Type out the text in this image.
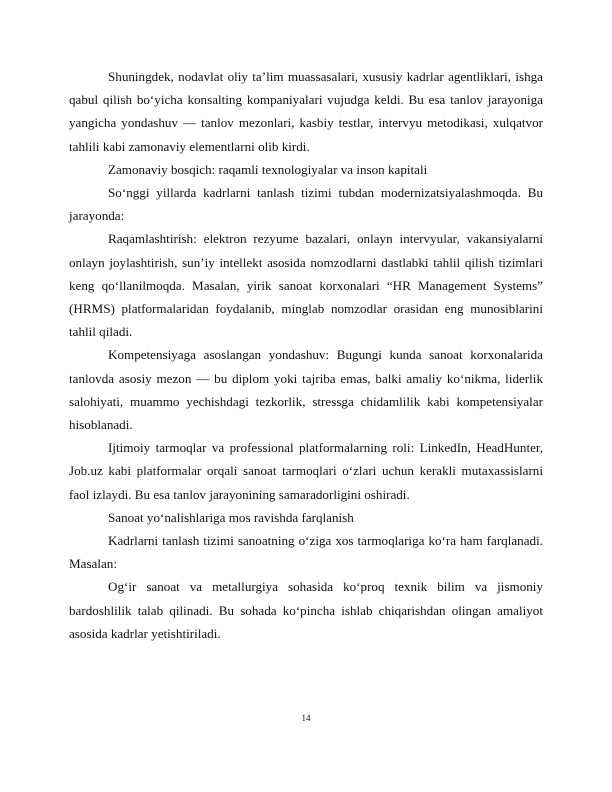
Shuningdek, nodavlat oliy ta’lim muassasalari, xususiy kadrlar agentliklari, ishga qabul qilish bo‘yicha konsalting kompaniyalari vujudga keldi. Bu esa tanlov jarayoniga yangicha yondashuv — tanlov mezonlari, kasbiy testlar, intervyu metodikasi, xulqatvor tahlili kabi zamonaviy elementlarni olib kirdi.

Zamonaviy bosqich: raqamli texnologiyalar va inson kapitali

So‘nggi yillarda kadrlarni tanlash tizimi tubdan modernizatsiyalashmoqda. Bu jarayonda:

Raqamlashtirish: elektron rezyume bazalari, onlayn intervyular, vakansiyalarni onlayn joylashtirish, sun’iy intellekt asosida nomzodlarni dastlabki tahlil qilish tizimlari keng qo‘llanilmoqda. Masalan, yirik sanoat korxonalari “HR Management Systems” (HRMS) platformalaridan foydalanib, minglab nomzodlar orasidan eng munosiblarini tahlil qiladi.

Kompetensiyaga asoslangan yondashuv: Bugungi kunda sanoat korxonalarida tanlovda asosiy mezon — bu diplom yoki tajriba emas, balki amaliy ko‘nikma, liderlik salohiyati, muammo yechishdagi tezkorlik, stressga chidamlilik kabi kompetensiyalar hisoblanadi.

Ijtimoiy tarmoqlar va professional platformalarning roli: LinkedIn, HeadHunter, Job.uz kabi platformalar orqali sanoat tarmoqlari o‘zlari uchun kerakli mutaxassislarni faol izlaydi. Bu esa tanlov jarayonining samaradorligini oshiradi.

Sanoat yo‘nalishlariga mos ravishda farqlanish

Kadrlarni tanlash tizimi sanoatning o‘ziga xos tarmoqlariga ko‘ra ham farqlanadi. Masalan:

Og‘ir sanoat va metallurgiya sohasida ko‘proq texnik bilim va jismoniy bardoshlilik talab qilinadi. Bu sohada ko‘pincha ishlab chiqarishdan olingan amaliyot asosida kadrlar yetishtiriladi.

14
